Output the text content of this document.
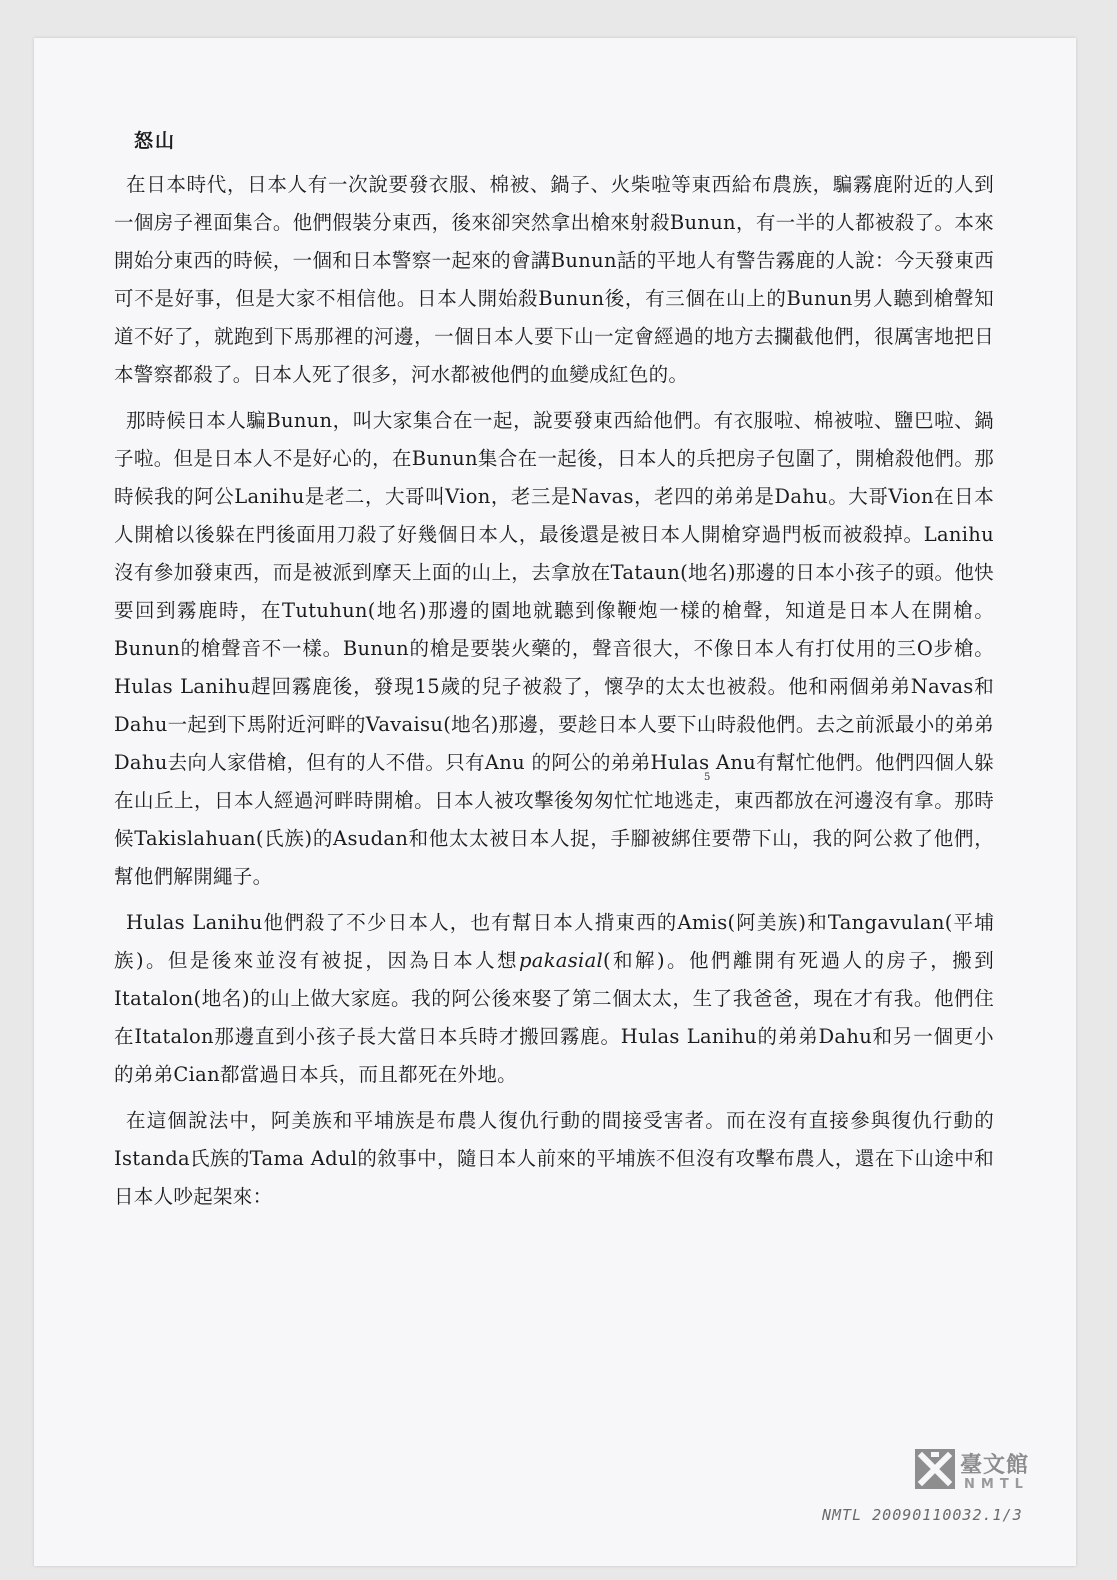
怒山

在日本時代，日本人有一次說要發衣服、棉被、鍋子、火柴啦等東西給布農族，騙霧鹿附近的人到一個房子裡面集合。他們假裝分東西，後來卻突然拿出槍來射殺Bunun，有一半的人都被殺了。本來開始分東西的時候，一個和日本警察一起來的會講Bunun話的平地人有警告霧鹿的人說：今天發東西可不是好事，但是大家不相信他。日本人開始殺Bunun後，有三個在山上的Bunun男人聽到槍聲知道不好了，就跑到下馬那裡的河邊，一個日本人要下山一定會經過的地方去攔截他們，很厲害地把日本警察都殺了。日本人死了很多，河水都被他們的血變成紅色的。

那時候日本人騙Bunun，叫大家集合在一起，說要發東西給他們。有衣服啦、棉被啦、鹽巴啦、鍋子啦。但是日本人不是好心的，在Bunun集合在一起後，日本人的兵把房子包圍了，開槍殺他們。那時候我的阿公Lanihu是老二，大哥叫Vion，老三是Navas，老四的弟弟是Dahu。大哥Vion在日本人開槍以後躲在門後面用刀殺了好幾個日本人，最後還是被日本人開槍穿過門板而被殺掉。Lanihu沒有參加發東西，而是被派到摩天上面的山上，去拿放在Tataun(地名)那邊的日本小孩子的頭。他快要回到霧鹿時，在Tutuhun(地名)那邊的園地就聽到像鞭炮一樣的槍聲，知道是日本人在開槍。Bunun的槍聲音不一樣。Bunun的槍是要裝火藥的，聲音很大，不像日本人有打仗用的三О步槍。Hulas Lanihu趕回霧鹿後，發現15歲的兒子被殺了，懷孕的太太也被殺。他和兩個弟弟Navas和Dahu一起到下馬附近河畔的Vavaisu(地名)那邊，要趁日本人要下山時殺他們。去之前派最小的弟弟Dahu去向人家借槍，但有的人不借。只有Anu 的阿公的弟弟Hulas Anu有幫忙他們。他們四個人躲在山丘上，日本人經過河畔時開槍。日本人被攻擊後匆匆忙忙地逃走，東西都放在河邊沒有拿。那時候Takislahuan(氏族)的Asudan和他太太被日本人捉，手腳被綁住要帶下山，我的阿公救了他們，幫他們解開繩子。

Hulas Lanihu他們殺了不少日本人，也有幫日本人揹東西的Amis(阿美族)和Tangavulan(平埔族)。但是後來並沒有被捉，因為日本人想pakasial(和解)。他們離開有死過人的房子，搬到Itatalon(地名)的山上做大家庭。我的阿公後來娶了第二個太太，生了我爸爸，現在才有我。他們住在Itatalon那邊直到小孩子長大當日本兵時才搬回霧鹿。Hulas Lanihu的弟弟Dahu和另一個更小的弟弟Cian都當過日本兵，而且都死在外地。

在這個說法中，阿美族和平埔族是布農人復仇行動的間接受害者。而在沒有直接參與復仇行動的Istanda氏族的Tama Adul的敘事中，隨日本人前來的平埔族不但沒有攻擊布農人，還在下山途中和日本人吵起架來：

5
臺文館
NMTL
NMTL 20090110032.1/3
